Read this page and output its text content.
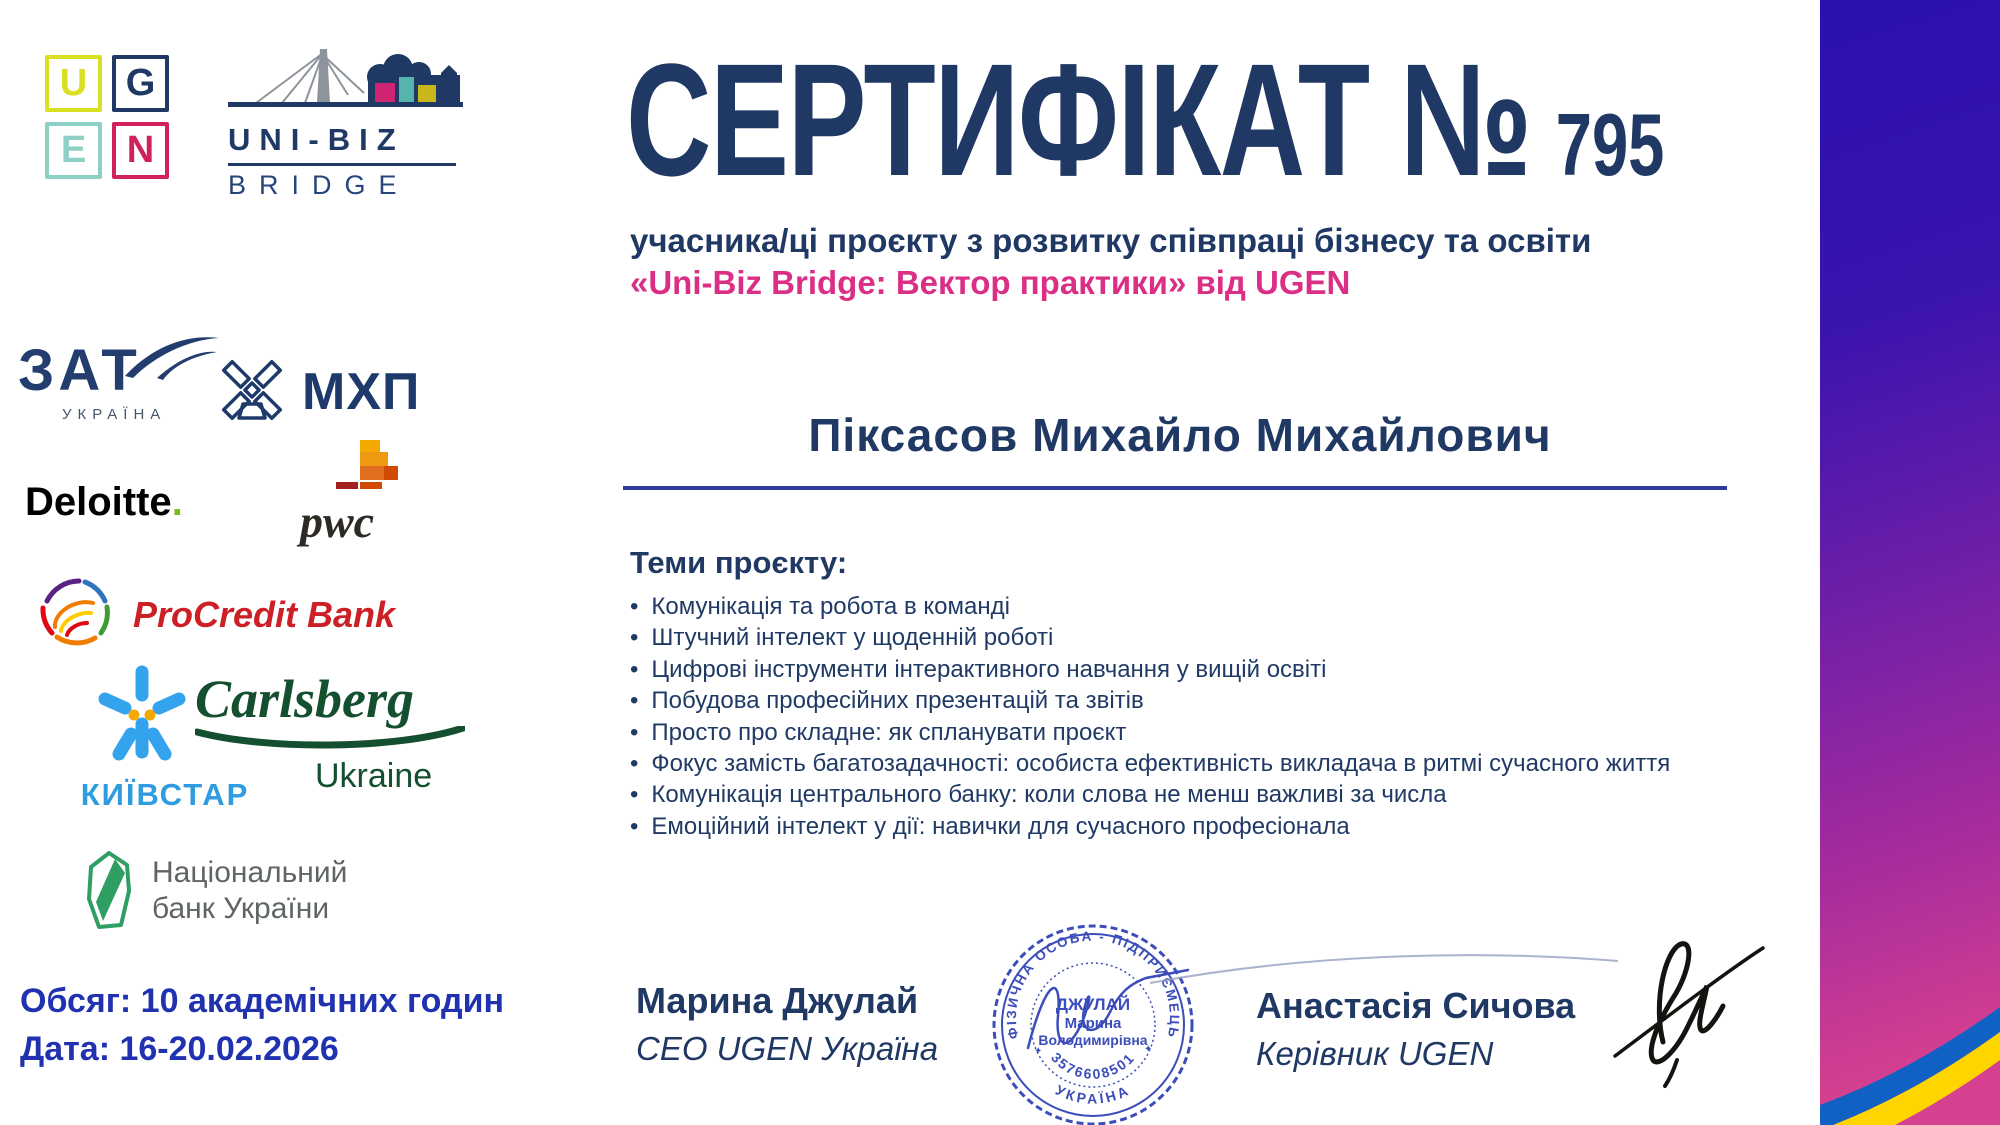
U	G
E	N	UNI-BIZ
BRIDGE
ЗАТ
УКРАЇНА	МХП
Deloitte.	pwc
ProCredit Bank
КИЇВСТАР
Carlsberg
Ukraine
Національний
банк України
Обсяг: 10 академічних годин
Дата: 16-20.02.2026
СЕРТИФІКАТ № 795
учасника/ці проєкту з розвитку співпраці бізнесу та освіти
«Uni-Biz Bridge: Вектор практики» від UGEN
Піксасов Михайло Михайлович
Теми проєкту:
• Комунікація та робота в команді
• Штучний інтелект у щоденній роботі
• Цифрові інструменти інтерактивного навчання у вищій освіті
• Побудова професійних презентацій та звітів
• Просто про складне: як спланувати проєкт
• Фокус замість багатозадачності: особиста ефективність викладача в ритмі сучасного життя
• Комунікація центрального банку: коли слова не менш важливі за числа
• Емоційний інтелект у дії: навички для сучасного професіонала
Марина Джулай
CEO UGEN Україна	ФІЗИЧНА ОСОБА - ПІДПРИЄМЕЦЬ
УКРАЇНА
3576608501
ДЖУЛАЙ
Марина
Володимирівна
✦	✦
Анастасія Сичова
Керівник UGEN
